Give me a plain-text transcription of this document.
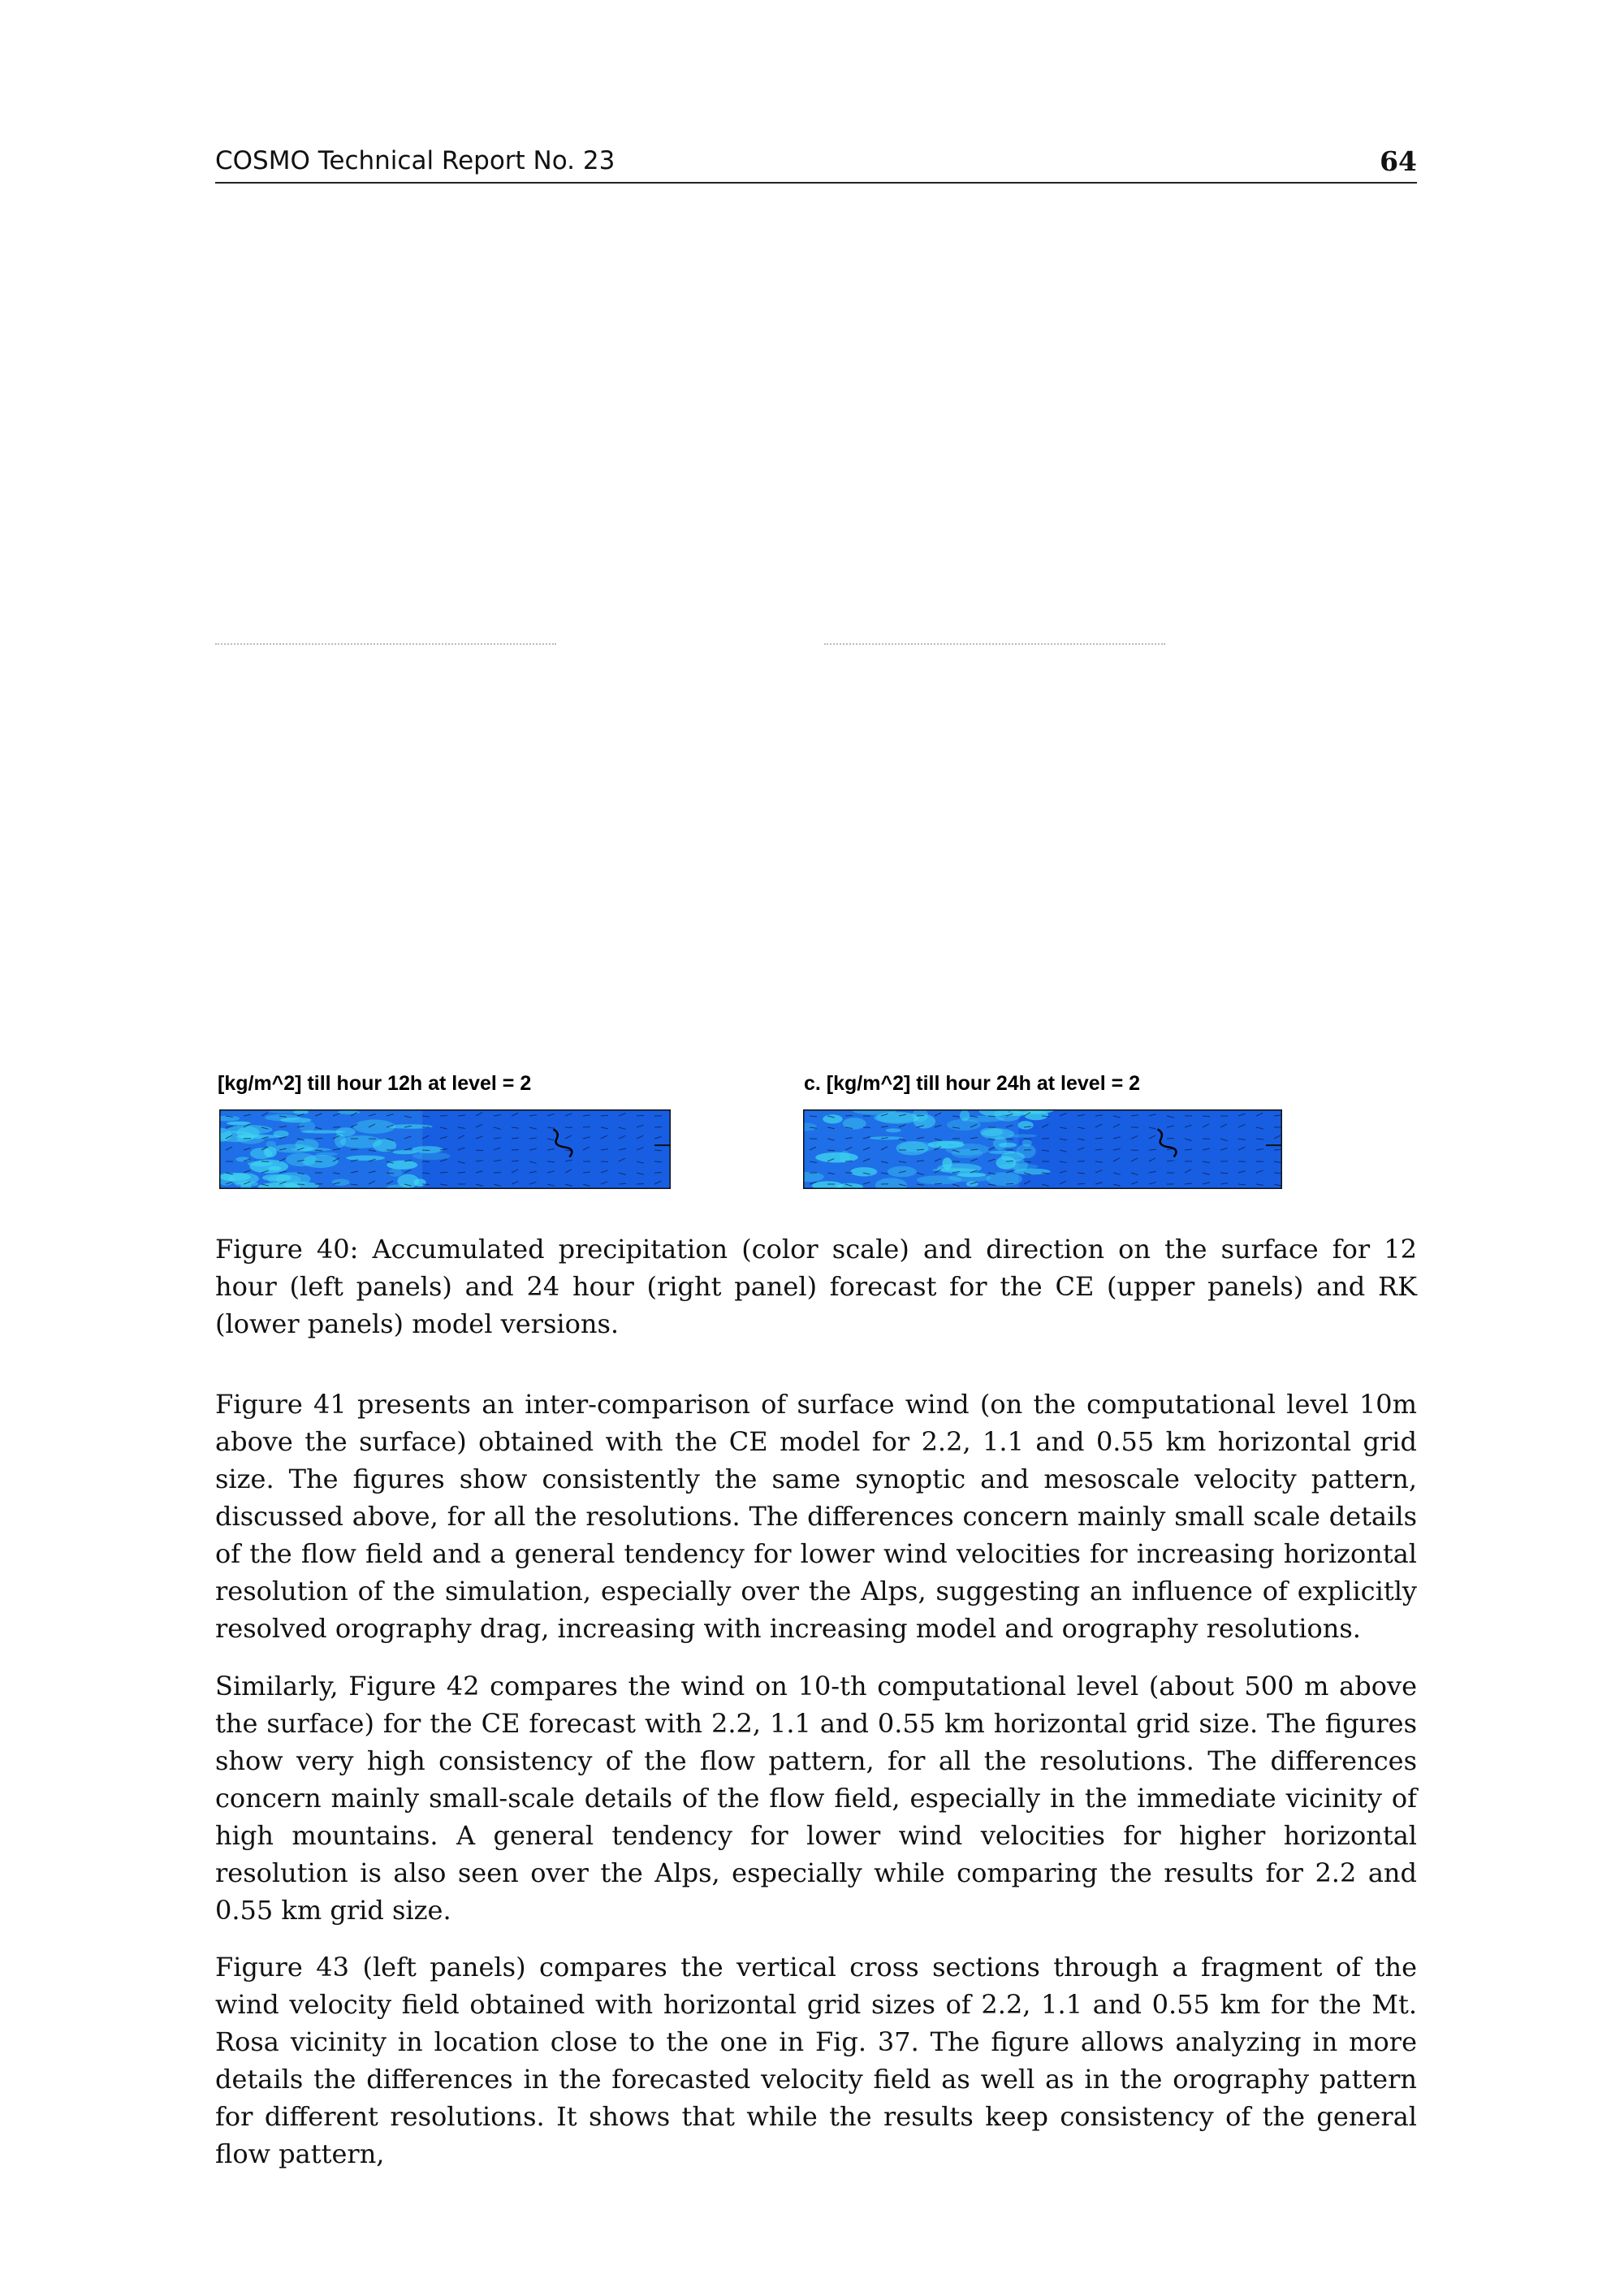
COSMO Technical Report No. 23	64
[kg/m^2] till hour 12h at level = 2	c. [kg/m^2] till hour 24h at level = 2

Figure 40: Accumulated precipitation (color scale) and direction on the surface for 12 hour (left panels) and 24 hour (right panel) forecast for the CE (upper panels) and RK (lower panels) model versions.

Figure 41 presents an inter-comparison of surface wind (on the computational level 10m above the surface) obtained with the CE model for 2.2, 1.1 and 0.55 km horizontal grid size. The figures show consistently the same synoptic and mesoscale velocity pattern, discussed above, for all the resolutions. The differences concern mainly small scale details of the flow field and a general tendency for lower wind velocities for increasing horizontal resolution of the simulation, especially over the Alps, suggesting an influence of explicitly resolved orography drag, increasing with increasing model and orography resolutions.

Similarly, Figure 42 compares the wind on 10-th computational level (about 500 m above the surface) for the CE forecast with 2.2, 1.1 and 0.55 km horizontal grid size. The figures show very high consistency of the flow pattern, for all the resolutions. The differences concern mainly small-scale details of the flow field, especially in the immediate vicinity of high mountains. A general tendency for lower wind velocities for higher horizontal resolution is also seen over the Alps, especially while comparing the results for 2.2 and 0.55 km grid size.

Figure 43 (left panels) compares the vertical cross sections through a fragment of the wind velocity field obtained with horizontal grid sizes of 2.2, 1.1 and 0.55 km for the Mt. Rosa vicinity in location close to the one in Fig. 37. The figure allows analyzing in more details the differences in the forecasted velocity field as well as in the orography pattern for different resolutions. It shows that while the results keep consistency of the general flow pattern,
